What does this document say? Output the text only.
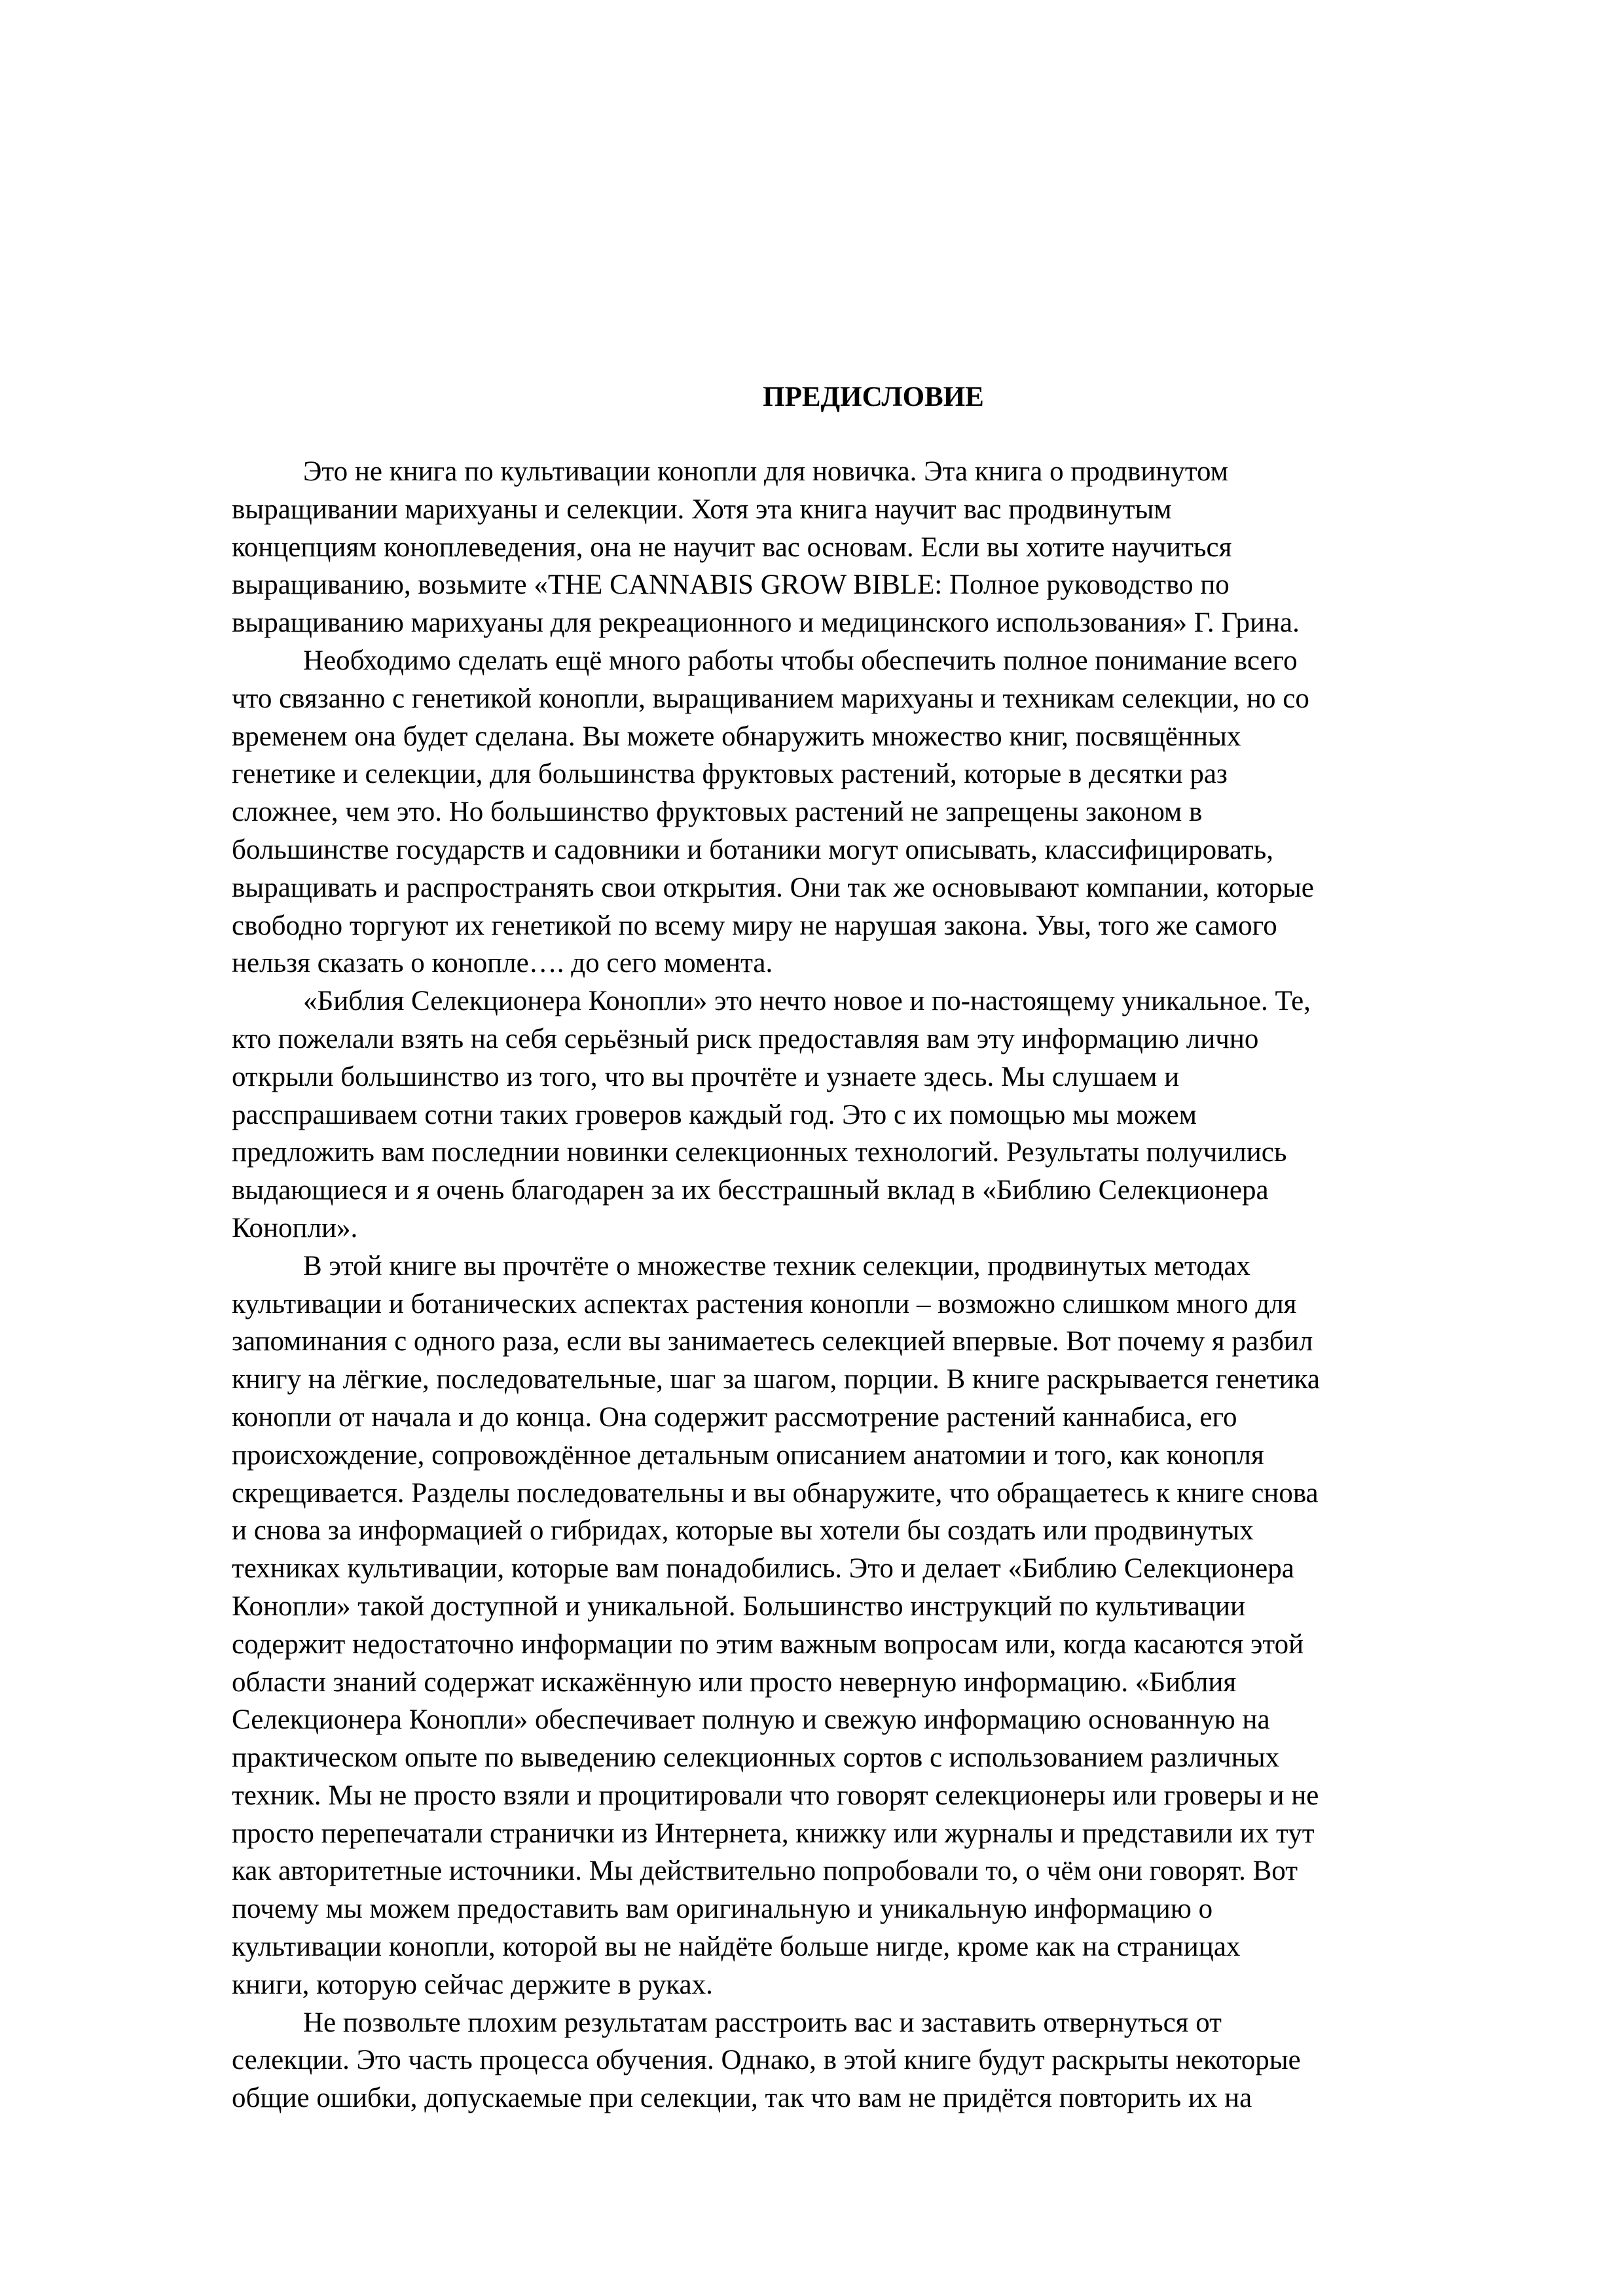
ПРЕДИСЛОВИЕ

Это не книга по культивации конопли для новичка. Эта книга о продвинутом
выращивании марихуаны и селекции. Хотя эта книга научит вас продвинутым
концепциям коноплеведения, она не научит вас основам. Если вы хотите научиться
выращиванию, возьмите «THE CANNABIS GROW BIBLE: Полное руководство по
выращиванию марихуаны для рекреационного и медицинского использования» Г. Грина.

Необходимо сделать ещё много работы чтобы обеспечить полное понимание всего
что связанно с генетикой конопли, выращиванием марихуаны и техникам селекции, но со
временем она будет сделана. Вы можете обнаружить множество книг, посвящённых
генетике и селекции, для большинства фруктовых растений, которые в десятки раз
сложнее, чем это. Но большинство фруктовых растений не запрещены законом в
большинстве государств и садовники и ботаники могут описывать, классифицировать,
выращивать и распространять свои открытия. Они так же основывают компании, которые
свободно торгуют их генетикой по всему миру не нарушая закона. Увы, того же самого
нельзя сказать о конопле…. до сего момента.

«Библия Селекционера Конопли» это нечто новое и по-настоящему уникальное. Те,
кто пожелали взять на себя серьёзный риск предоставляя вам эту информацию лично
открыли большинство из того, что вы прочтёте и узнаете здесь. Мы слушаем и
расспрашиваем сотни таких гроверов каждый год. Это с их помощью мы можем
предложить вам последнии новинки селекционных технологий. Результаты получились
выдающиеся и я очень благодарен за их бесстрашный вклад в «Библию Селекционера
Конопли».

В этой книге вы прочтёте о множестве техник селекции, продвинутых методах
культивации и ботанических аспектах растения конопли – возможно слишком много для
запоминания с одного раза, если вы занимаетесь селекцией впервые. Вот почему я разбил
книгу на лёгкие, последовательные, шаг за шагом, порции. В книге раскрывается генетика
конопли от начала и до конца. Она содержит рассмотрение растений каннабиса, его
происхождение, сопровождённое детальным описанием анатомии и того, как конопля
скрещивается. Разделы последовательны и вы обнаружите, что обращаетесь к книге снова
и снова за информацией о гибридах, которые вы хотели бы создать или продвинутых
техниках культивации, которые вам понадобились. Это и делает «Библию Селекционера
Конопли» такой доступной и уникальной. Большинство инструкций по культивации
содержит недостаточно информации по этим важным вопросам или, когда касаются этой
области знаний содержат искажённую или просто неверную информацию. «Библия
Селекционера Конопли» обеспечивает полную и свежую информацию основанную на
практическом опыте по выведению селекционных сортов с использованием различных
техник. Мы не просто взяли и процитировали что говорят селекционеры или гроверы и не
просто перепечатали странички из Интернета, книжку или журналы и представили их тут
как авторитетные источники. Мы действительно попробовали то, о чём они говорят. Вот
почему мы можем предоставить вам оригинальную и уникальную информацию о
культивации конопли, которой вы не найдёте больше нигде, кроме как на страницах
книги, которую сейчас держите в руках.

Не позвольте плохим результатам расстроить вас и заставить отвернуться от
селекции. Это часть процесса обучения. Однако, в этой книге будут раскрыты некоторые
общие ошибки, допускаемые при селекции, так что вам не придётся повторить их на
